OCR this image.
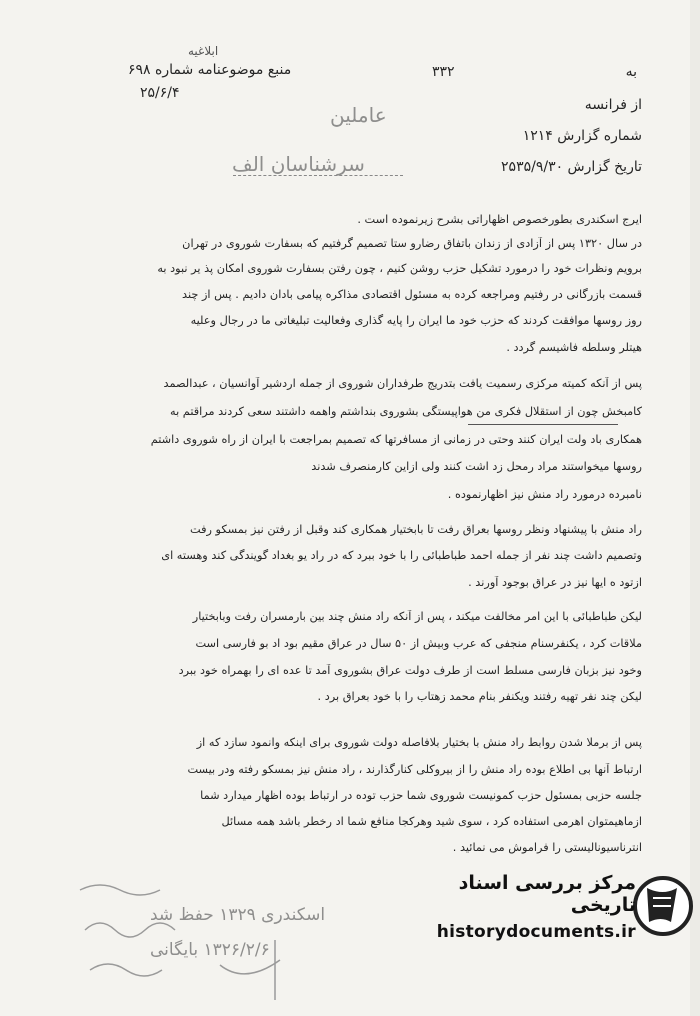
ابلاغیه
منبع موضوعنامه شماره ۶۹۸
۲۵/۶/۴
به
۳۳۲
از فرانسه
شماره گزارش ۱۲۱۴
تاریخ گزارش ۲۵۳۵/۹/۳۰
عاملین
سرشناسان الف
ایرج اسکندری بطورخصوص اظهاراتی بشرح زیرنموده است .
در سال ۱۳۲۰ پس از آزادی از زندان باتفاق رضارو ستا تصمیم گرفتیم که بسفارت شوروی در تهران
برویم ونظرات خود را درمورد تشکیل حزب روشن کنیم ، چون رفتن بسفارت شوروی امکان پذ یر نبود به
قسمت بازرگانی در رفتیم ومراجعه کرده به مسئول اقتصادی مذاکره پیامی بادان دادیم . پس از چند
روز روسها موافقت کردند که حزب خود ما ایران را پایه گذاری وفعالیت تبلیغاتی ما در رجال وعلیه
هیتلر وسلطه فاشیسم گردد .
پس از آنکه کمیته مرکزی رسمیت یافت بتدریج طرفداران شوروی از جمله اردشیر آوانسیان ، عبدالصمد
کامبخش چون از استقلال فکری من هواپیستگی بشوروی بنداشتم واهمه داشتند سعی کردند مراقتم به
همکاری باد ولت ایران کنند وحتی در زمانی از مسافرتها که تصمیم بمراجعت با ایران از راه شوروی داشتم
روسها میخواستند مراد رمحل زد اشت کنند ولی ازاین کارمنصرف شدند
نامبرده درمورد راد منش نیز اظهارنموده .
راد منش با پیشنهاد ونظر روسها بعراق رفت تا بابختیار همکاری کند وقبل از رفتن نیز بمسکو رفت
وتصمیم داشت چند نفر از جمله احمد طباطبائی را با خود ببرد که در راد یو بغداد گویندگی کند وهسته ای
ازتود ه ایها نیز در عراق بوجود آورند .
لیکن طباطبائی با این امر مخالفت میکند ، پس از آنکه راد منش چند بین بارمسران رفت وبابختیار
ملاقات کرد ، یکنفرسنام منجفی که عرب وبیش از ۵۰ سال در عراق مقیم بود اد بو فارسی است
وخود نیز بزبان فارسی مسلط است از طرف دولت عراق بشوروی آمد تا عده ای را بهمراه خود ببرد
لیکن چند نفر تهیه رفتند ویکنفر بنام محمد زهتاب را با خود بعراق برد .
پس از برملا شدن روابط راد منش با بختیار بلافاصله دولت شوروی برای اینکه وانمود سازد که از
ارتباط آنها بی اطلاع بوده راد منش را از بیروکلی کنارگذارند ، راد منش نیز بمسکو رفته ودر بیست
جلسه حزبی بمسئول حزب کمونیست شوروی شما حزب توده در ارتباط بوده اظهار میدارد شما
ازماهیمتوان اهرمی استفاده کرد ، سوی شید وهرکجا منافع شما اد رخطر باشد همه مسائل
انترناسیونالیستی را فراموش می نمائید .
اسکندری ۱۳۲۹ حفظ شد
۱۳۲۶/۲/۶ بایگانی
مرکز بررسی اسناد تاریخی
historydocuments.ir
